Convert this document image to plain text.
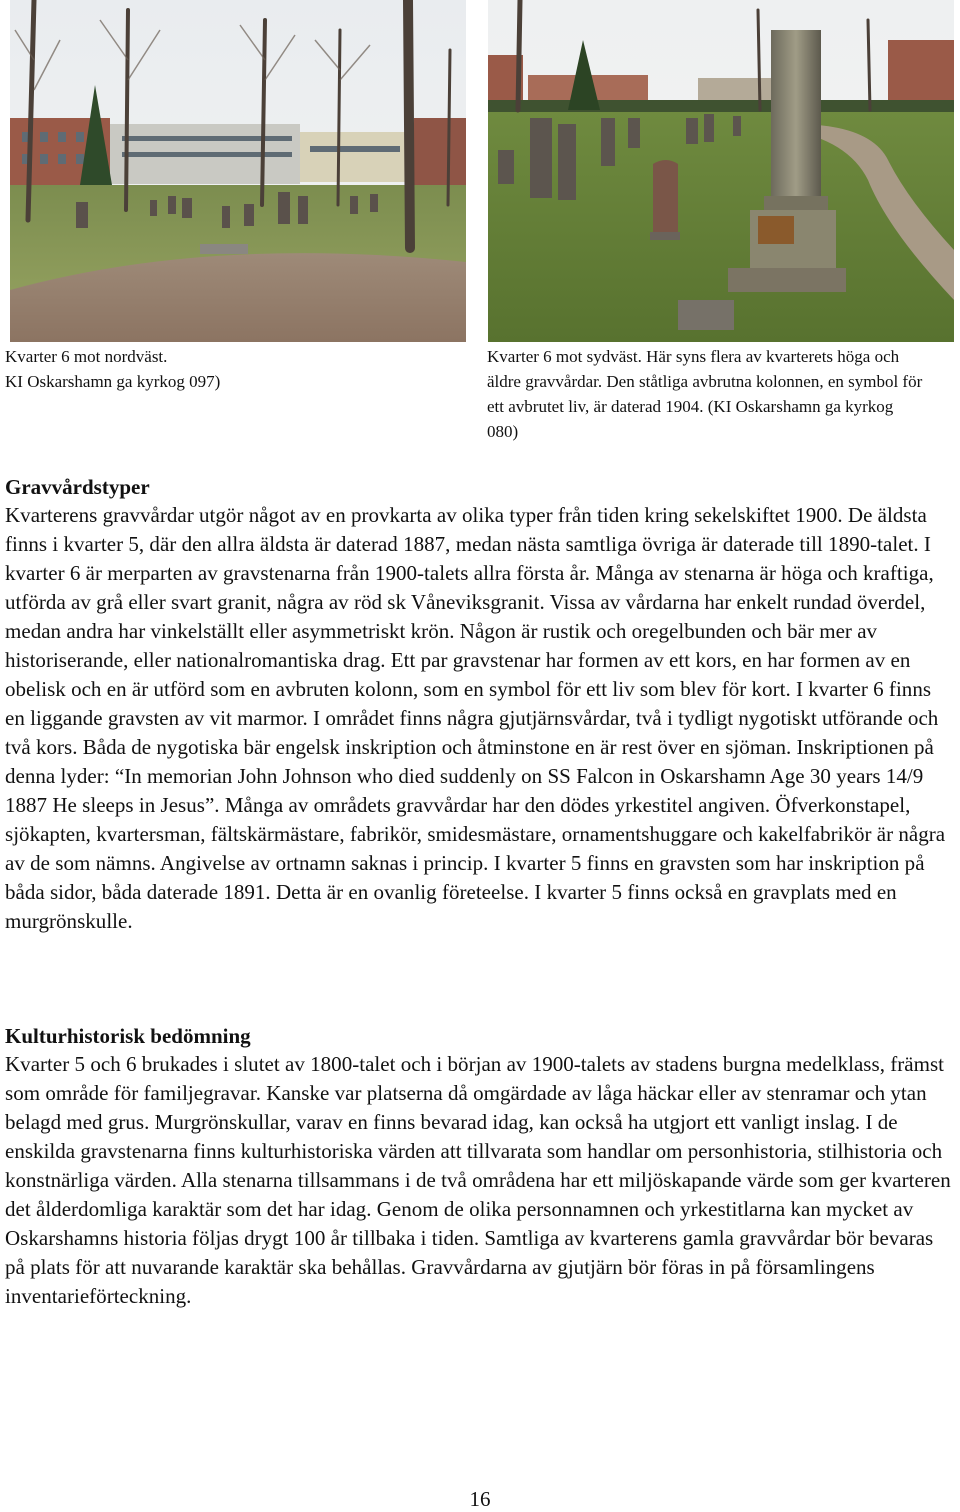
Kvarter 6 mot nordväst.
KI Oskarshamn ga kyrkog 097)
Kvarter 6 mot sydväst. Här syns flera av kvarterets höga och äldre gravvårdar. Den ståtliga avbrutna kolonnen, en symbol för ett avbrutet liv, är daterad 1904. (KI Oskarshamn ga kyrkog 080)
Gravvårdstyper

Kvarterens gravvårdar utgör något av en provkarta av olika typer från tiden kring sekelskiftet 1900. De äldsta finns i kvarter 5, där den allra äldsta är daterad 1887, medan nästa samtliga övriga är daterade till 1890-talet. I kvarter 6 är merparten av gravstenarna från 1900-talets allra första år. Många av stenarna är höga och kraftiga, utförda av grå eller svart granit, några av röd sk Våneviksgranit. Vissa av vårdarna har enkelt rundad överdel, medan andra har vinkelställt eller asymmetriskt krön. Någon är rustik och oregelbunden och bär mer av historiserande, eller nationalromantiska drag. Ett par gravstenar har formen av ett kors, en har formen av en obelisk och en är utförd som en avbruten kolonn, som en symbol för ett liv som blev för kort. I kvarter 6 finns en liggande gravsten av vit marmor. I området finns några gjutjärnsvårdar, två i tydligt nygotiskt utförande och två kors. Båda de nygotiska bär engelsk inskription och åtminstone en är rest över en sjöman. Inskriptionen på denna lyder: “In memorian John Johnson who died suddenly on SS Falcon in Oskarshamn Age 30 years 14/9 1887 He sleeps in Jesus”. Många av områdets gravvårdar har den dödes yrkestitel angiven. Öfverkonstapel, sjökapten, kvartersman, fältskärmästare, fabrikör, smidesmästare, ornamentshuggare och kakelfabrikör är några av de som nämns. Angivelse av ortnamn saknas i princip. I kvarter 5 finns en gravsten som har inskription på båda sidor, båda daterade 1891. Detta är en ovanlig företeelse. I kvarter 5 finns också en gravplats med en murgrönskulle.

Kulturhistorisk bedömning

Kvarter 5 och 6 brukades i slutet av 1800-talet och i början av 1900-talets av stadens burgna medelklass, främst som område för familjegravar. Kanske var platserna då omgärdade av låga häckar eller av stenramar och ytan belagd med grus. Murgrönskullar, varav en finns bevarad idag, kan också ha utgjort ett vanligt inslag. I de enskilda gravstenarna finns kulturhistoriska värden att tillvarata som handlar om personhistoria, stilhistoria och konstnärliga värden. Alla stenarna tillsammans i de två områdena har ett miljöskapande värde som ger kvarteren det ålderdomliga karaktär som det har idag. Genom de olika personnamnen och yrkestitlarna kan mycket av Oskarshamns historia följas drygt 100 år tillbaka i tiden. Samtliga av kvarterens gamla gravvårdar bör bevaras på plats för att nuvarande karaktär ska behållas. Gravvårdarna av gjutjärn bör föras in på församlingens inventarieförteckning.

16
